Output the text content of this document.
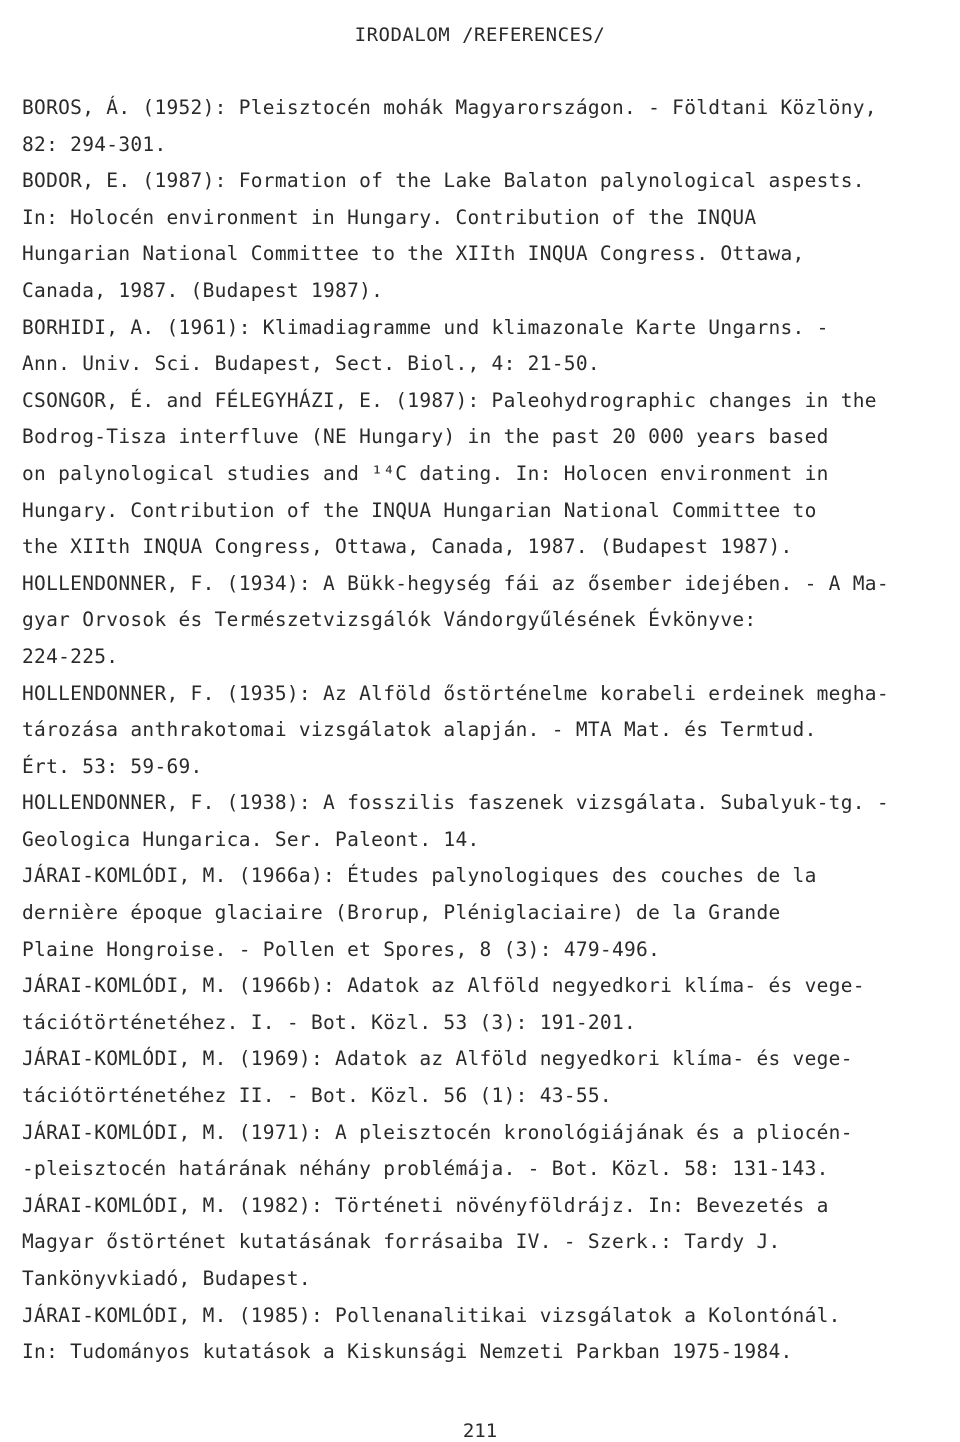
IRODALOM /REFERENCES/
BOROS, Á. (1952): Pleisztocén mohák Magyarországon. - Földtani Közlöny,
82: 294-301.
BODOR, E. (1987): Formation of the Lake Balaton palynological aspests.
In: Holocén environment in Hungary. Contribution of the INQUA
Hungarian National Committee to the XIIth INQUA Congress. Ottawa,
Canada, 1987. (Budapest 1987).
BORHIDI, A. (1961): Klimadiagramme und klimazonale Karte Ungarns. -
Ann. Univ. Sci. Budapest, Sect. Biol., 4: 21-50.
CSONGOR, É. and FÉLEGYHÁZI, E. (1987): Paleohydrographic changes in the
Bodrog-Tisza interfluve (NE Hungary) in the past 20 000 years based
on palynological studies and ¹⁴C dating. In: Holocen environment in
Hungary. Contribution of the INQUA Hungarian National Committee to
the XIIth INQUA Congress, Ottawa, Canada, 1987. (Budapest 1987).
HOLLENDONNER, F. (1934): A Bükk-hegység fái az ősember idejében. - A Ma-
gyar Orvosok és Természetvizsgálók Vándorgyűlésének Évkönyve:
224-225.
HOLLENDONNER, F. (1935): Az Alföld őstörténelme korabeli erdeinek megha-
tározása anthrakotomai vizsgálatok alapján. - MTA Mat. és Termtud.
Ért. 53: 59-69.
HOLLENDONNER, F. (1938): A fosszilis faszenek vizsgálata. Subalyuk-tg. -
Geologica Hungarica. Ser. Paleont. 14.
JÁRAI-KOMLÓDI, M. (1966a): Études palynologiques des couches de la
dernière époque glaciaire (Brorup, Pléniglaciaire) de la Grande
Plaine Hongroise. - Pollen et Spores, 8 (3): 479-496.
JÁRAI-KOMLÓDI, M. (1966b): Adatok az Alföld negyedkori klíma- és vege-
tációtörténetéhez. I. - Bot. Közl. 53 (3): 191-201.
JÁRAI-KOMLÓDI, M. (1969): Adatok az Alföld negyedkori klíma- és vege-
tációtörténetéhez II. - Bot. Közl. 56 (1): 43-55.
JÁRAI-KOMLÓDI, M. (1971): A pleisztocén kronológiájának és a pliocén-
-pleisztocén határának néhány problémája. - Bot. Közl. 58: 131-143.
JÁRAI-KOMLÓDI, M. (1982): Történeti növényföldrájz. In: Bevezetés a
Magyar őstörténet kutatásának forrásaiba IV. - Szerk.: Tardy J.
Tankönyvkiadó, Budapest.
JÁRAI-KOMLÓDI, M. (1985): Pollenanalitikai vizsgálatok a Kolontónál.
In: Tudományos kutatások a Kiskunsági Nemzeti Parkban 1975-1984.
211
